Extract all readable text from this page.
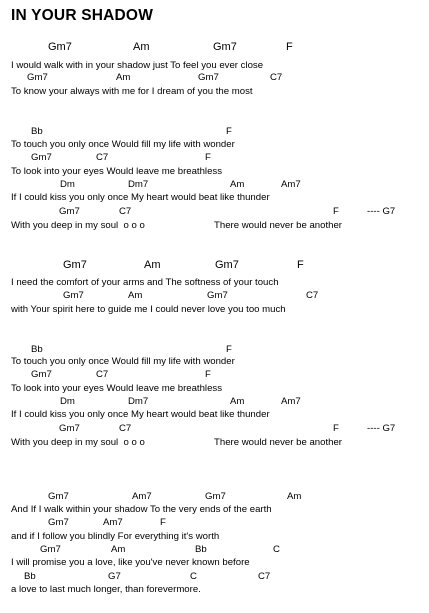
IN YOUR SHADOW
Gm7	Am	Gm7	F
I would walk with in your shadow just To feel you ever close
Gm7	Am	Gm7	C7
To know your always with me for I dream of you the most
Bb	F
To touch you only once Would fill my life with wonder
Gm7	C7	F
To look into your eyes Would leave me breathless
Dm	Dm7	Am	Am7
If I could kiss you only once My heart would beat like thunder
Gm7	C7	F	---- G7
With you deep in my soul  o o o	There would never be another
Gm7	Am	Gm7	F
I need the comfort of your arms and The softness of your touch
Gm7	Am	Gm7	C7
with Your spirit here to guide me I could never love you too much
Bb	F
To touch you only once Would fill my life with wonder
Gm7	C7	F
To look into your eyes Would leave me breathless
Dm	Dm7	Am	Am7
If I could kiss you only once My heart would beat like thunder
Gm7	C7	F	---- G7
With you deep in my soul  o o o	There would never be another
Gm7	Am7	Gm7	Am
And If I walk within your shadow To the very ends of the earth
Gm7	Am7	F
and if I follow you blindly For everything it's worth
Gm7	Am	Bb	C
I will promise you a love, like you've never known before
Bb	G7	C	C7
a love to last much longer, than forevermore.
